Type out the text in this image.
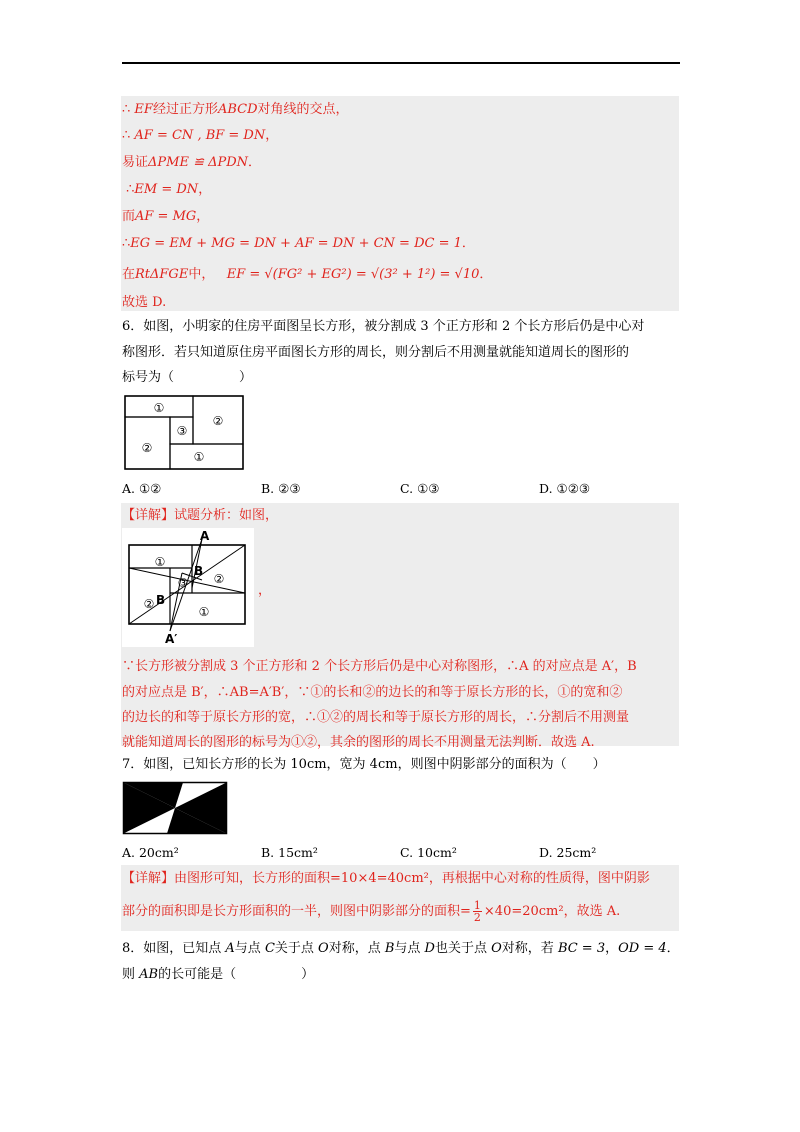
∴ EF经过正方形ABCD对角线的交点，
∴ AF = CN , BF = DN，
易证ΔPME ≌ ΔPDN．
∴EM = DN，
而AF = MG，
∴EG = EM + MG = DN + AF = DN + CN = DC = 1．
在RtΔFGE中， EF = √(FG² + EG²) = √(3² + 1²) = √10．
故选 D.
6．如图，小明家的住房平面图呈长方形，被分割成 3 个正方形和 2 个长方形后仍是中心对
称图形．若只知道原住房平面图长方形的周长，则分割后不用测量就能知道周长的图形的
标号为（　　　　　）
①
②
③
②
①
A. ①②	B. ②③	C. ①③	D. ①②③
【详解】试题分析：如图，
A
①
B
②
③
② B
①
A′
，
∵长方形被分割成 3 个正方形和 2 个长方形后仍是中心对称图形，∴A 的对应点是 A′，B
的对应点是 B′，∴AB=A′B′，∵①的长和②的边长的和等于原长方形的长，①的宽和②
的边长的和等于原长方形的宽，∴①②的周长和等于原长方形的周长，∴分割后不用测量
就能知道周长的图形的标号为①②，其余的图形的周长不用测量无法判断．故选 A.
7．如图，已知长方形的长为 10cm，宽为 4cm，则图中阴影部分的面积为（　　）
A. 20cm²	B. 15cm²	C. 10cm²	D. 25cm²
【详解】由图形可知，长方形的面积=10×4=40cm²，再根据中心对称的性质得，图中阴影
部分的面积即是长方形面积的一半，则图中阴影部分的面积= $\frac{1}{2} \times 40=20cm^2$，故选 A.
8．如图，已知点 A与点 C关于点 O对称，点 B与点 D也关于点 O对称，若 BC = 3，OD = 4．
则 AB的长可能是（　　　　　）
